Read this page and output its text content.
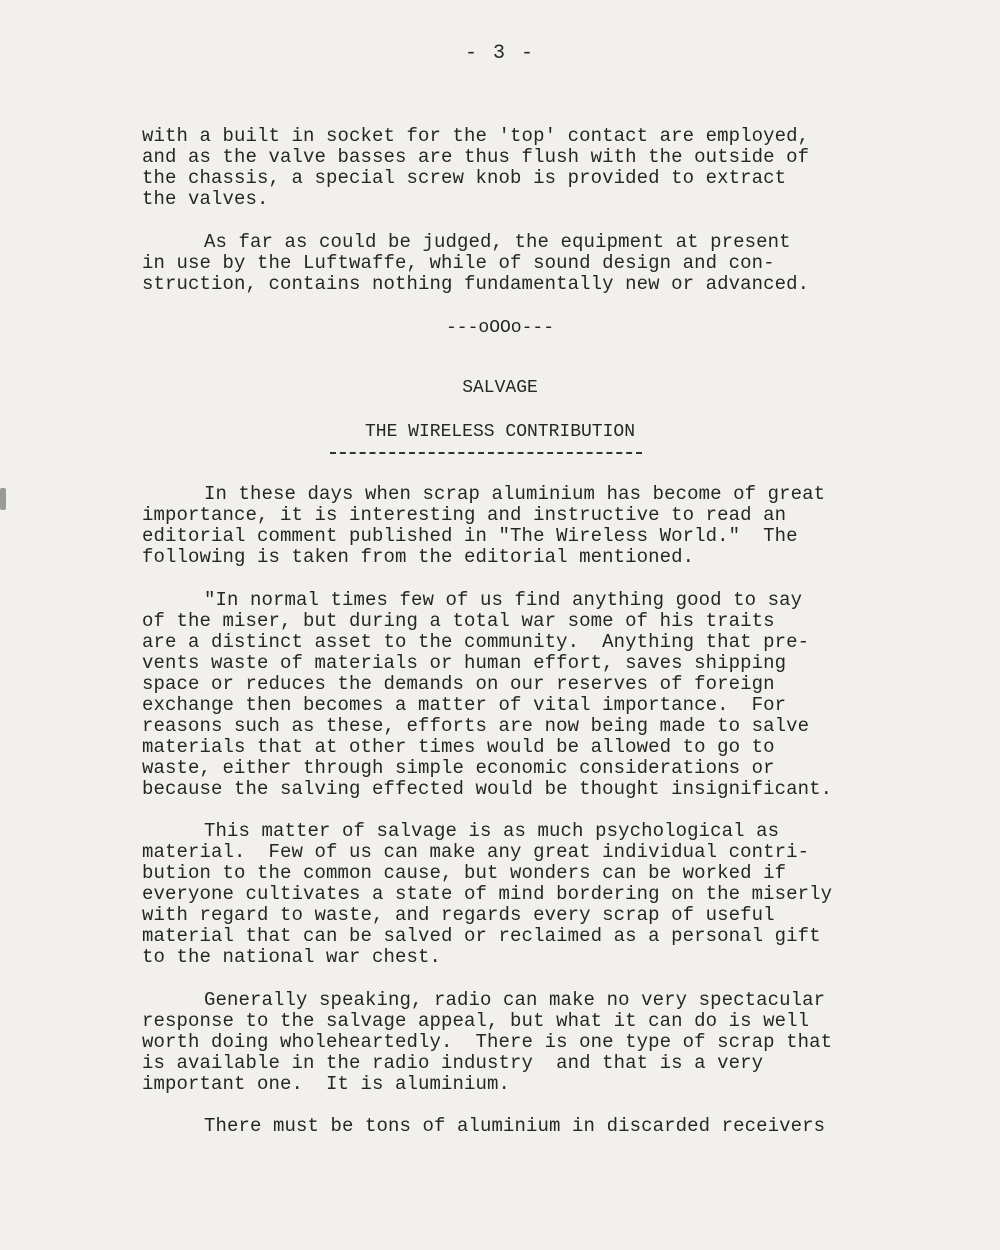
- 3 -
with a built in socket for the 'top' contact are employed,
and as the valve basses are thus flush with the outside of
the chassis, a special screw knob is provided to extract
the valves.
As far as could be judged, the equipment at present
in use by the Luftwaffe, while of sound design and con-
struction, contains nothing fundamentally new or advanced.
---oOOo---
SALVAGE
THE WIRELESS CONTRIBUTION
In these days when scrap aluminium has become of great
importance, it is interesting and instructive to read an
editorial comment published in "The Wireless World."  The
following is taken from the editorial mentioned.
"In normal times few of us find anything good to say
of the miser, but during a total war some of his traits
are a distinct asset to the community.  Anything that pre-
vents waste of materials or human effort, saves shipping
space or reduces the demands on our reserves of foreign
exchange then becomes a matter of vital importance.  For
reasons such as these, efforts are now being made to salve
materials that at other times would be allowed to go to
waste, either through simple economic considerations or
because the salving effected would be thought insignificant.
This matter of salvage is as much psychological as
material.  Few of us can make any great individual contri-
bution to the common cause, but wonders can be worked if
everyone cultivates a state of mind bordering on the miserly
with regard to waste, and regards every scrap of useful
material that can be salved or reclaimed as a personal gift
to the national war chest.
Generally speaking, radio can make no very spectacular
response to the salvage appeal, but what it can do is well
worth doing wholeheartedly.  There is one type of scrap that
is available in the radio industry  and that is a very
important one.  It is aluminium.
There must be tons of aluminium in discarded receivers
